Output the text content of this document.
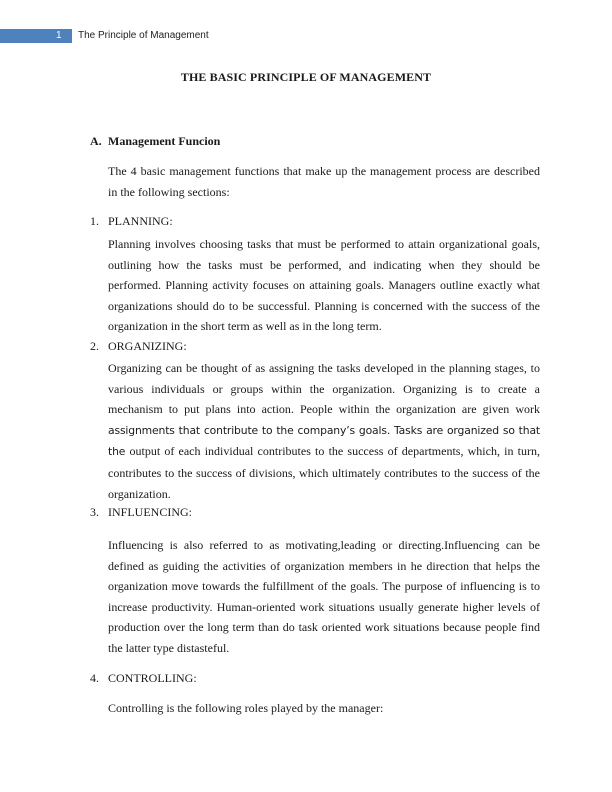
1 The Principle of Management
THE BASIC PRINCIPLE OF MANAGEMENT
A. Management Funcion
The 4 basic management functions that make up the management process are described in the following sections:
1. PLANNING:
Planning involves choosing tasks that must be performed to attain organizational goals, outlining how the tasks must be performed, and indicating when they should be performed. Planning activity focuses on attaining goals. Managers outline exactly what organizations should do to be successful. Planning is concerned with the success of the organization in the short term as well as in the long term.
2. ORGANIZING:
Organizing can be thought of as assigning the tasks developed in the planning stages, to various individuals or groups within the organization. Organizing is to create a mechanism to put plans into action. People within the organization are given work assignments that contribute to the company’s goals. Tasks are organized so that the output of each individual contributes to the success of departments, which, in turn, contributes to the success of divisions, which ultimately contributes to the success of the organization.
3. INFLUENCING:
Influencing is also referred to as motivating,leading or directing.Influencing can be defined as guiding the activities of organization members in he direction that helps the organization move towards the fulfillment of the goals. The purpose of influencing is to increase productivity. Human-oriented work situations usually generate higher levels of production over the long term than do task oriented work situations because people find the latter type distasteful.
4. CONTROLLING:
Controlling is the following roles played by the manager:
